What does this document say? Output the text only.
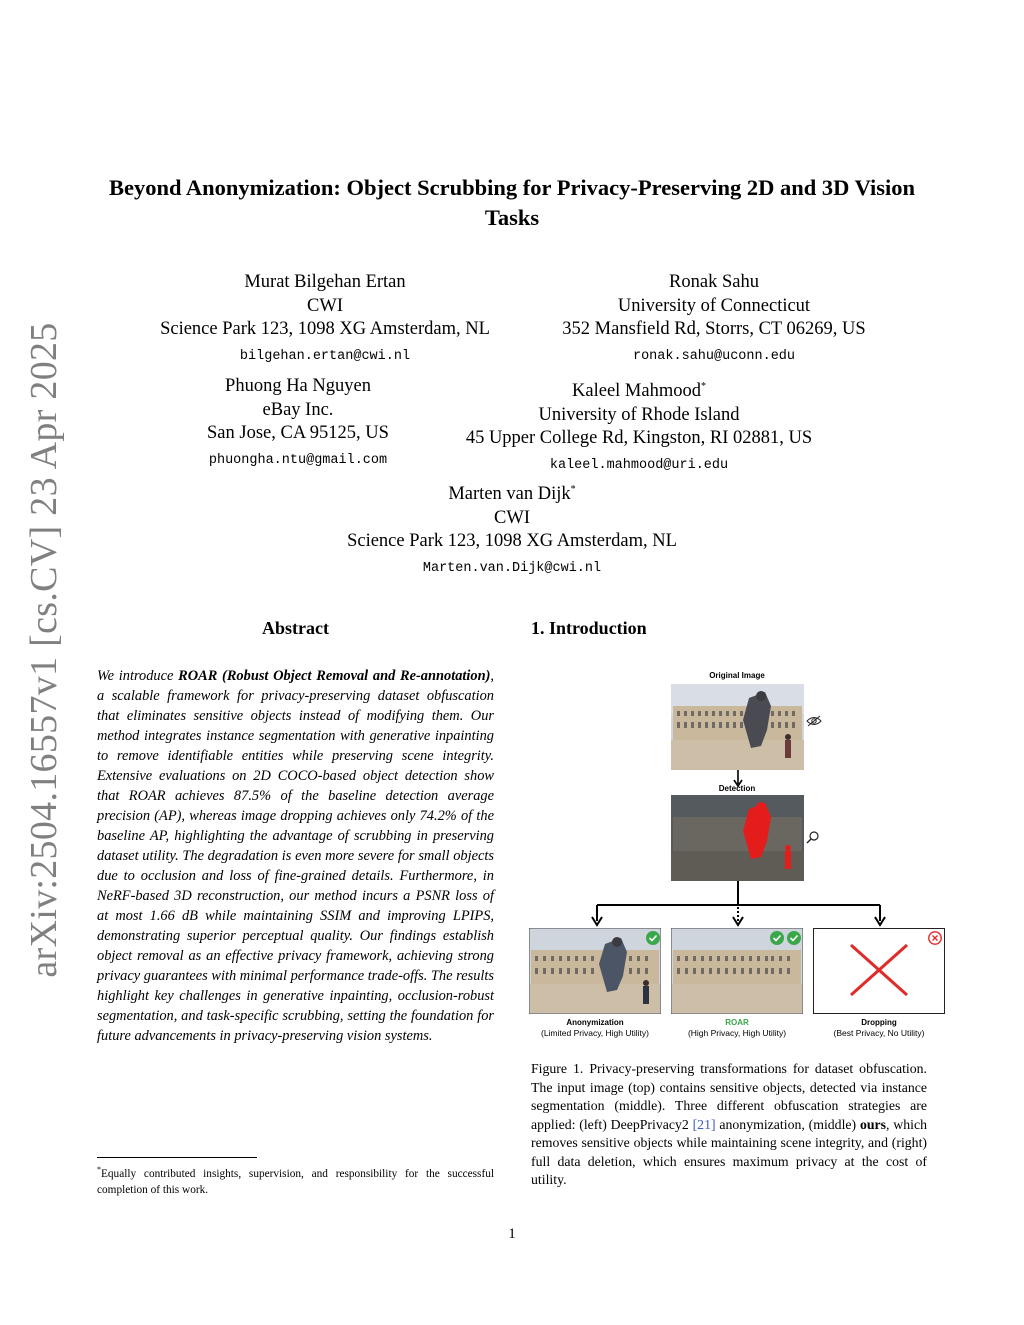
arXiv:2504.16557v1 [cs.CV] 23 Apr 2025
Beyond Anonymization: Object Scrubbing for Privacy-Preserving 2D and 3D Vision Tasks
Murat Bilgehan Ertan
CWI
Science Park 123, 1098 XG Amsterdam, NL
bilgehan.ertan@cwi.nl
Ronak Sahu
University of Connecticut
352 Mansfield Rd, Storrs, CT 06269, US
ronak.sahu@uconn.edu
Phuong Ha Nguyen
eBay Inc.
San Jose, CA 95125, US
phuongha.ntu@gmail.com
Kaleel Mahmood*
University of Rhode Island
45 Upper College Rd, Kingston, RI 02881, US
kaleel.mahmood@uri.edu
Marten van Dijk*
CWI
Science Park 123, 1098 XG Amsterdam, NL
Marten.van.Dijk@cwi.nl
Abstract
We introduce ROAR (Robust Object Removal and Re-annotation), a scalable framework for privacy-preserving dataset obfuscation that eliminates sensitive objects instead of modifying them. Our method integrates instance segmentation with generative inpainting to remove identifiable entities while preserving scene integrity. Extensive evaluations on 2D COCO-based object detection show that ROAR achieves 87.5% of the baseline detection average precision (AP), whereas image dropping achieves only 74.2% of the baseline AP, highlighting the advantage of scrubbing in preserving dataset utility. The degradation is even more severe for small objects due to occlusion and loss of fine-grained details. Furthermore, in NeRF-based 3D reconstruction, our method incurs a PSNR loss of at most 1.66 dB while maintaining SSIM and improving LPIPS, demonstrating superior perceptual quality. Our findings establish object removal as an effective privacy framework, achieving strong privacy guarantees with minimal performance trade-offs. The results highlight key challenges in generative inpainting, occlusion-robust segmentation, and task-specific scrubbing, setting the foundation for future advancements in privacy-preserving vision systems.
*Equally contributed insights, supervision, and responsibility for the successful completion of this work.
1. Introduction
Original Image
Detection
Anonymization
(Limited Privacy, High Utility)
ROAR
(High Privacy, High Utility)
Dropping
(Best Privacy, No Utility)
Figure 1. Privacy-preserving transformations for dataset obfuscation. The input image (top) contains sensitive objects, detected via instance segmentation (middle). Three different obfuscation strategies are applied: (left) DeepPrivacy2 [21] anonymization, (middle) ours, which removes sensitive objects while maintaining scene integrity, and (right) full data deletion, which ensures maximum privacy at the cost of utility.
1
